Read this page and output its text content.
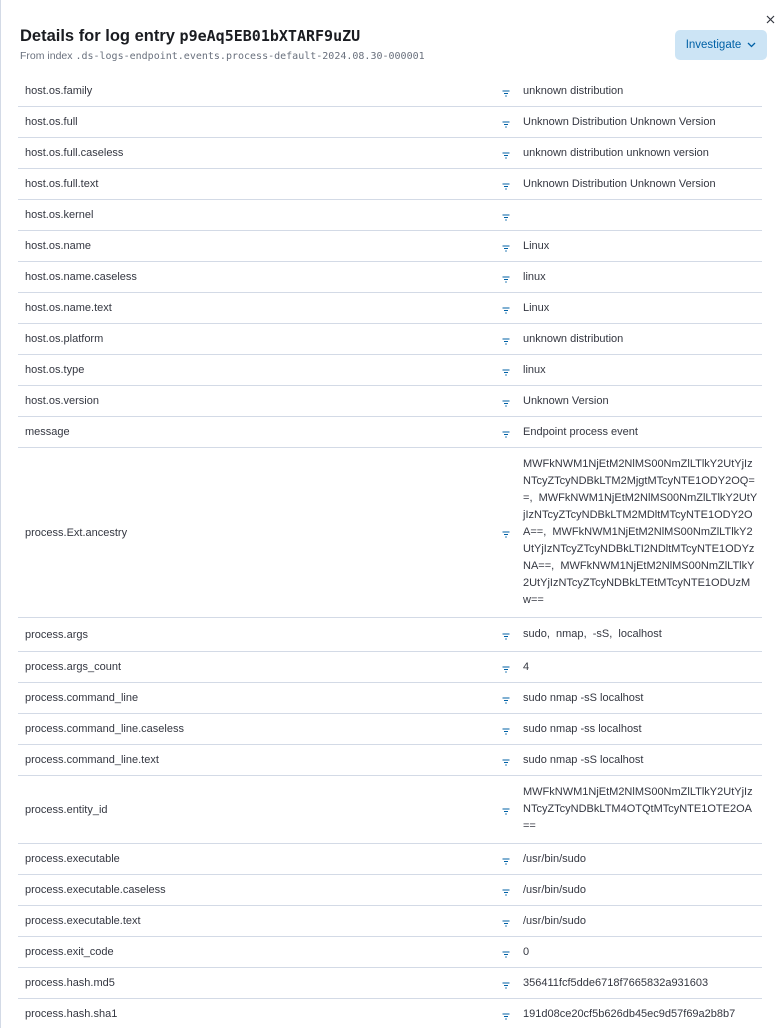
Details for log entry p9eAq5EB01bXTARF9uZU
From index .ds-logs-endpoint.events.process-default-2024.08.30-000001
Investigate
host.os.family		unknown distribution
host.os.full		Unknown Distribution Unknown Version
host.os.full.caseless		unknown distribution unknown version
host.os.full.text		Unknown Distribution Unknown Version
host.os.kernel		
host.os.name		Linux
host.os.name.caseless		linux
host.os.name.text		Linux
host.os.platform		unknown distribution
host.os.type		linux
host.os.version		Unknown Version
message		Endpoint process event
process.Ext.ancestry		MWFkNWM1NjEtM2NlMS00NmZlLTlkY2UtYjIzNTcyZTcyNDBkLTM2MjgtMTcyNTE1ODY2OQ==,  MWFkNWM1NjEtM2NlMS00NmZlLTlkY2UtYjIzNTcyZTcyNDBkLTM2MDltMTcyNTE1ODY2OA==,  MWFkNWM1NjEtM2NlMS00NmZlLTlkY2UtYjIzNTcyZTcyNDBkLTI2NDltMTcyNTE1ODYzNA==,  MWFkNWM1NjEtM2NlMS00NmZlLTlkY2UtYjIzNTcyZTcyNDBkLTEtMTcyNTE1ODUzMw==
process.args		sudo,  nmap,  -sS,  localhost
process.args_count		4
process.command_line		sudo nmap -sS localhost
process.command_line.caseless		sudo nmap -ss localhost
process.command_line.text		sudo nmap -sS localhost
process.entity_id		MWFkNWM1NjEtM2NlMS00NmZlLTlkY2UtYjIzNTcyZTcyNDBkLTM4OTQtMTcyNTE1OTE2OA==
process.executable		/usr/bin/sudo
process.executable.caseless		/usr/bin/sudo
process.executable.text		/usr/bin/sudo
process.exit_code		0
process.hash.md5		356411fcf5dde6718f7665832a931603
process.hash.sha1		191d08ce20cf5b626db45ec9d57f69a2b8b7
